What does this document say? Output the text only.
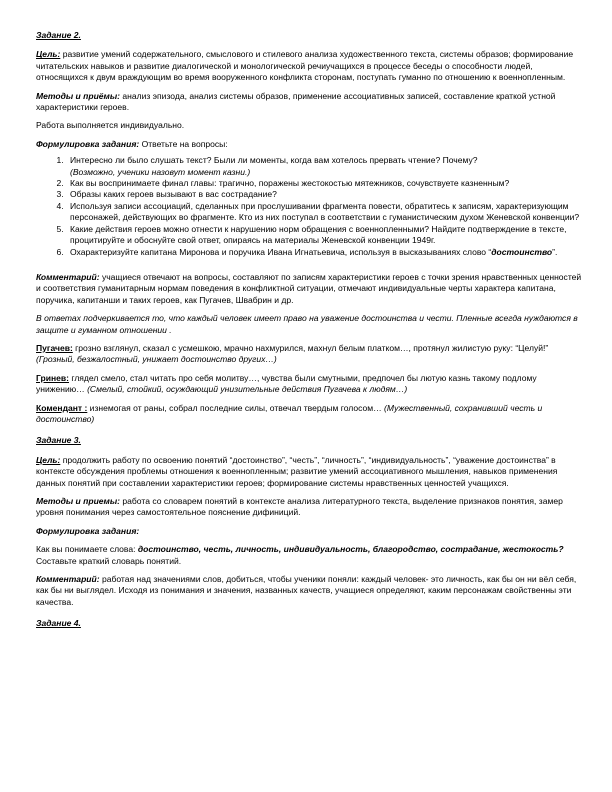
Задание 2.

Цель: развитие умений содержательного, смыслового и стилевого анализа художественного текста, системы образов; формирование читательских навыков и развитие диалогической и монологической речиучащихся в процессе беседы о способности людей, относящихся к двум враждующим во время вооруженного конфликта сторонам, поступать гуманно по отношению к военнопленным.

Методы и приёмы: анализ эпизода, анализ системы образов, применение ассоциативных записей, составление краткой устной характеристики героев.

Работа выполняется индивидуально.

Формулировка задания: Ответьте на вопросы:

1. Интересно ли было слушать текст? Были ли моменты, когда вам хотелось прервать чтение? Почему?
(Возможно, ученики назовут момент казни.)
2. Как вы воспринимаете финал главы: трагично, поражены жестокостью мятежников, сочувствуете казненным?
3. Образы каких героев вызывают в вас сострадание?
4. Используя записи ассоциаций, сделанных при прослушивании фрагмента повести, обратитесь к записям, характеризующим персонажей, действующих во фрагменте. Кто из них поступал в соответствии с гуманистическим духом Женевской конвенции?
5. Какие действия героев можно отнести к нарушению норм обращения с военнопленными? Найдите подтверждение в тексте, процитируйте и обоснуйте свой ответ, опираясь на материалы Женевской конвенции 1949г.
6. Охарактеризуйте капитана Миронова и поручика Ивана Игнатьевича, используя в высказываниях слово “достоинство”.

Комментарий: учащиеся отвечают на вопросы, составляют по записям характеристики героев с точки зрения нравственных ценностей и соответствия гуманитарным нормам поведения в конфликтной ситуации, отмечают индивидуальные черты характера капитана, поручика, капитанши и таких героев, как Пугачев, Швабрин и др.

В ответах подчеркивается то, что каждый человек имеет право на уважение достоинства и чести. Пленные всегда нуждаются в защите и гуманном отношении .

Пугачев: грозно взглянул, сказал с усмешкою, мрачно нахмурился, махнул белым платком…, протянул жилистую руку: “Целуй!” (Грозный, безжалостный, унижает достоинство других…)

Гринев: глядел смело, стал читать про себя молитву…, чувства были смутными, предпочел бы лютую казнь такому подлому унижению… (Смелый, стойкий, осуждающий унизительные действия Пугачева к людям…)

Комендант : изнемогая от раны, собрал последние силы, отвечал твердым голосом… (Мужественный, сохранивший честь и достоинство)

Задание 3.

Цель: продолжить работу по освоению понятий “достоинство”, “честь”, “личность”, “индивидуальность”, “уважение достоинства” в контексте обсуждения проблемы отношения к военнопленным; развитие умений ассоциативного мышления, навыков применения данных понятий при составлении характеристики героев; формирование системы нравственных ценностей учащихся.

Методы и приемы: работа со словарем понятий в контексте анализа литературного текста, выделение признаков понятия, замер уровня понимания через самостоятельное пояснение дифиниций.

Формулировка задания:

Как вы понимаете слова: достоинство, честь, личность, индивидуальность, благородство, сострадание, жестокость? Составьте краткий словарь понятий.

Комментарий: работая над значениями слов, добиться, чтобы ученики поняли: каждый человек- это личность, как бы он ни вёл себя, как бы ни выглядел. Исходя из понимания и значения, названных качеств, учащиеся определяют, каким персонажам свойственны эти качества.

Задание 4.
